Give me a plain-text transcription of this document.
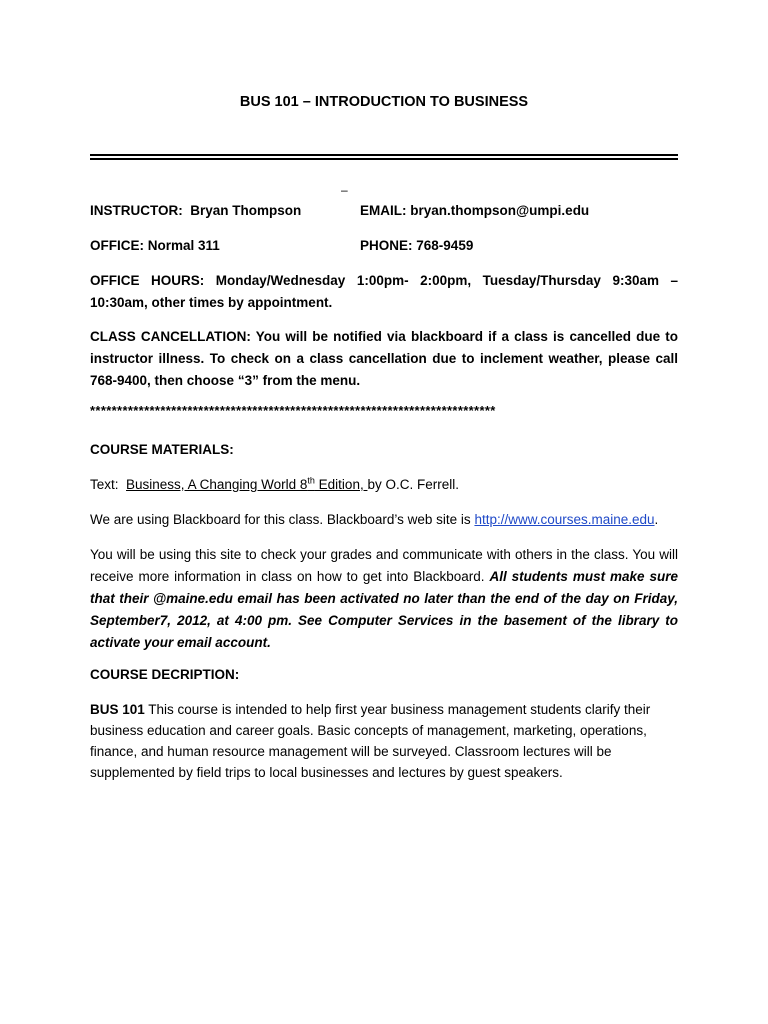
BUS 101 – INTRODUCTION TO BUSINESS
–
INSTRUCTOR: Bryan Thompson	EMAIL: bryan.thompson@umpi.edu
OFFICE: Normal 311	PHONE: 768-9459
OFFICE HOURS: Monday/Wednesday 1:00pm- 2:00pm, Tuesday/Thursday 9:30am – 10:30am, other times by appointment.
CLASS CANCELLATION: You will be notified via blackboard if a class is cancelled due to instructor illness. To check on a class cancellation due to inclement weather, please call 768-9400, then choose “3” from the menu.
***************************************************************************
COURSE MATERIALS:
Text: Business, A Changing World 8th Edition, by O.C. Ferrell.
We are using Blackboard for this class. Blackboard’s web site is http://www.courses.maine.edu.
You will be using this site to check your grades and communicate with others in the class. You will receive more information in class on how to get into Blackboard. All students must make sure that their @maine.edu email has been activated no later than the end of the day on Friday, September7, 2012, at 4:00 pm. See Computer Services in the basement of the library to activate your email account.
COURSE DECRIPTION:
BUS 101 This course is intended to help first year business management students clarify their business education and career goals. Basic concepts of management, marketing, operations, finance, and human resource management will be surveyed. Classroom lectures will be supplemented by field trips to local businesses and lectures by guest speakers.
